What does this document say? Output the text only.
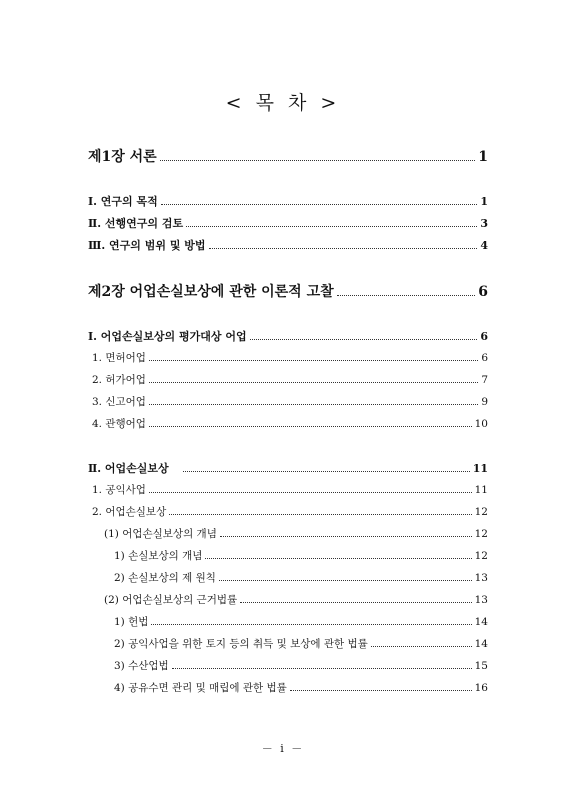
< 목 차 >
제1장 서론	1
Ⅰ. 연구의 목적	1
Ⅱ. 선행연구의 검토	3
Ⅲ. 연구의 범위 및 방법	4
제2장 어업손실보상에 관한 이론적 고찰	6
Ⅰ. 어업손실보상의 평가대상 어업	6
1. 면허어업	6
2. 허가어업	7
3. 신고어업	9
4. 관행어업	10
Ⅱ. 어업손실보상	11
1. 공익사업	11
2. 어업손실보상	12
(1) 어업손실보상의 개념	12
1) 손실보상의 개념	12
2) 손실보상의 제 원칙	13
(2) 어업손실보상의 근거법률	13
1) 헌법	14
2) 공익사업을 위한 토지 등의 취득 및 보상에 관한 법률	14
3) 수산업법	15
4) 공유수면 관리 및 매립에 관한 법률	16
－ i －
